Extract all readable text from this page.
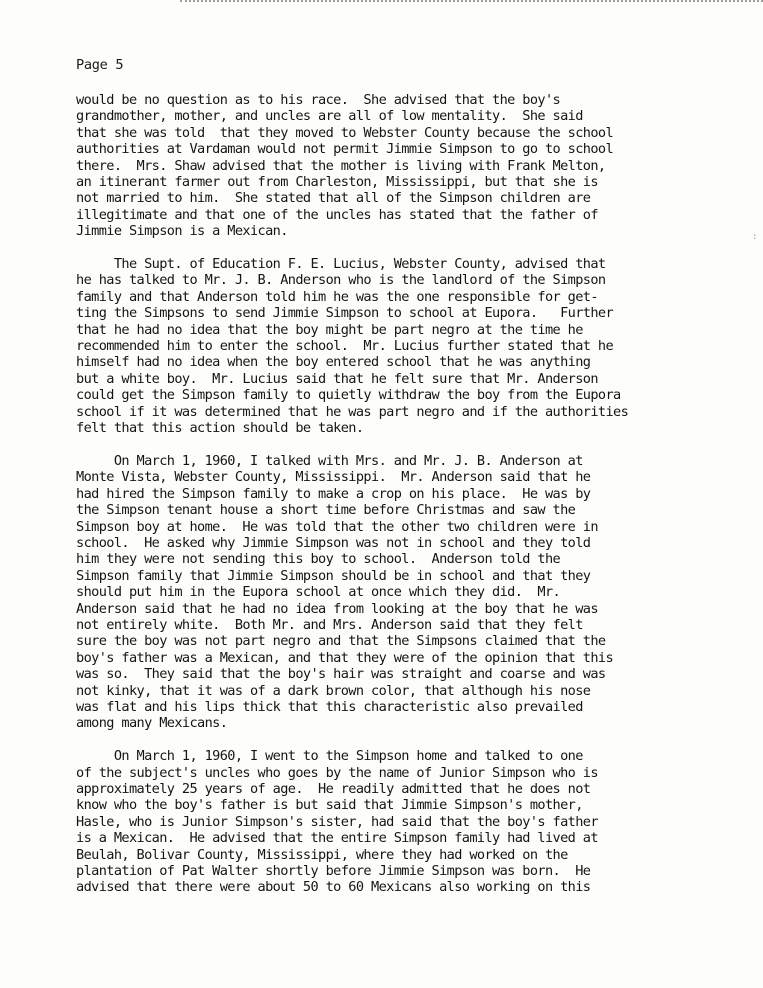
:
Page 5
would be no question as to his race.  She advised that the boy's
grandmother, mother, and uncles are all of low mentality.  She said
that she was told  that they moved to Webster County because the school
authorities at Vardaman would not permit Jimmie Simpson to go to school
there.  Mrs. Shaw advised that the mother is living with Frank Melton,
an itinerant farmer out from Charleston, Mississippi, but that she is
not married to him.  She stated that all of the Simpson children are
illegitimate and that one of the uncles has stated that the father of
Jimmie Simpson is a Mexican.
The Supt. of Education F. E. Lucius, Webster County, advised that
he has talked to Mr. J. B. Anderson who is the landlord of the Simpson
family and that Anderson told him he was the one responsible for get-
ting the Simpsons to send Jimmie Simpson to school at Eupora.   Further
that he had no idea that the boy might be part negro at the time he
recommended him to enter the school.  Mr. Lucius further stated that he
himself had no idea when the boy entered school that he was anything
but a white boy.  Mr. Lucius said that he felt sure that Mr. Anderson
could get the Simpson family to quietly withdraw the boy from the Eupora
school if it was determined that he was part negro and if the authorities
felt that this action should be taken.
On March 1, 1960, I talked with Mrs. and Mr. J. B. Anderson at
Monte Vista, Webster County, Mississippi.  Mr. Anderson said that he
had hired the Simpson family to make a crop on his place.  He was by
the Simpson tenant house a short time before Christmas and saw the
Simpson boy at home.  He was told that the other two children were in
school.  He asked why Jimmie Simpson was not in school and they told
him they were not sending this boy to school.  Anderson told the
Simpson family that Jimmie Simpson should be in school and that they
should put him in the Eupora school at once which they did.  Mr.
Anderson said that he had no idea from looking at the boy that he was
not entirely white.  Both Mr. and Mrs. Anderson said that they felt
sure the boy was not part negro and that the Simpsons claimed that the
boy's father was a Mexican, and that they were of the opinion that this
was so.  They said that the boy's hair was straight and coarse and was
not kinky, that it was of a dark brown color, that although his nose
was flat and his lips thick that this characteristic also prevailed
among many Mexicans.
On March 1, 1960, I went to the Simpson home and talked to one
of the subject's uncles who goes by the name of Junior Simpson who is
approximately 25 years of age.  He readily admitted that he does not
know who the boy's father is but said that Jimmie Simpson's mother,
Hasle, who is Junior Simpson's sister, had said that the boy's father
is a Mexican.  He advised that the entire Simpson family had lived at
Beulah, Bolivar County, Mississippi, where they had worked on the
plantation of Pat Walter shortly before Jimmie Simpson was born.  He
advised that there were about 50 to 60 Mexicans also working on this
